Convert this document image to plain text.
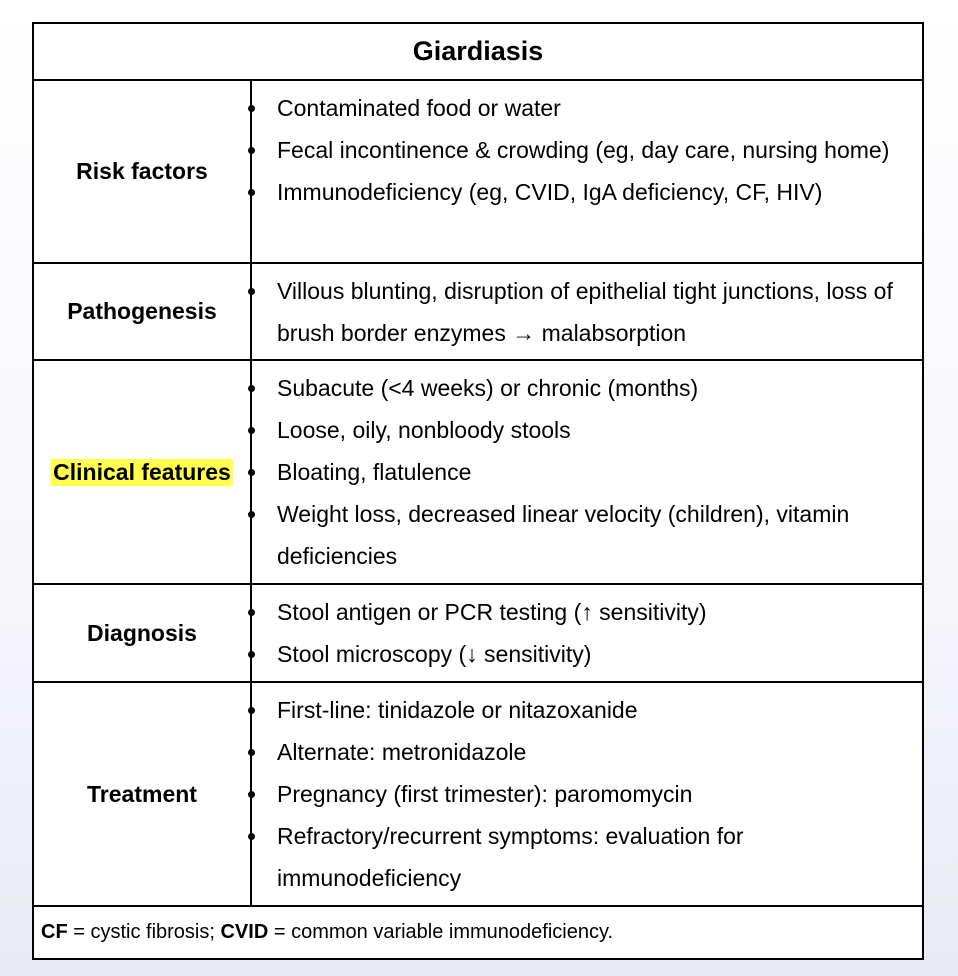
Giardiasis
Risk factors
Contaminated food or water
Fecal incontinence & crowding (eg, day care, nursing home)
Immunodeficiency (eg, CVID, IgA deficiency, CF, HIV)
Pathogenesis
Villous blunting, disruption of epithelial tight junctions, loss of brush border enzymes → malabsorption
Clinical features
Subacute (<4 weeks) or chronic (months)
Loose, oily, nonbloody stools
Bloating, flatulence
Weight loss, decreased linear velocity (children), vitamin deficiencies
Diagnosis
Stool antigen or PCR testing (↑ sensitivity)
Stool microscopy (↓ sensitivity)
Treatment
First-line: tinidazole or nitazoxanide
Alternate: metronidazole
Pregnancy (first trimester): paromomycin
Refractory/recurrent symptoms: evaluation for immunodeficiency
CF = cystic fibrosis; CVID = common variable immunodeficiency.
